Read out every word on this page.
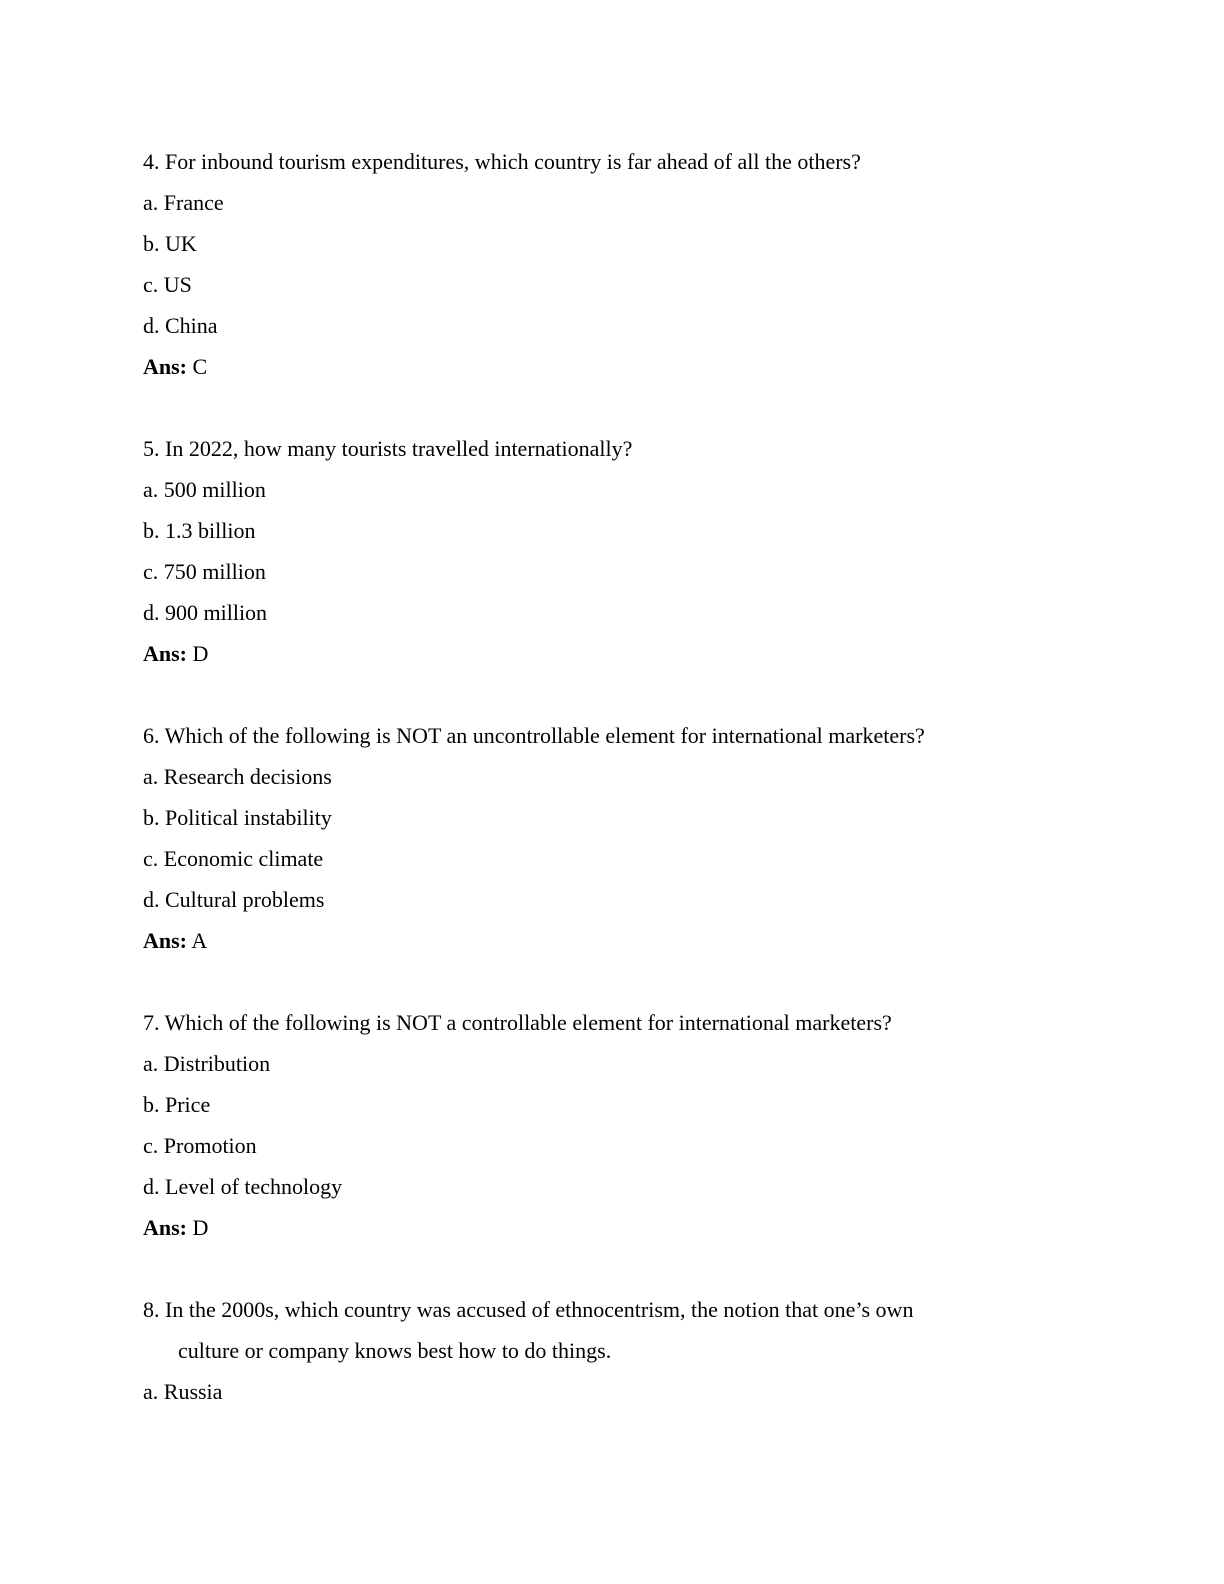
4. For inbound tourism expenditures, which country is far ahead of all the others?
a. France
b. UK
c. US
d. China
Ans: C
5. In 2022, how many tourists travelled internationally?
a. 500 million
b. 1.3 billion
c. 750 million
d. 900 million
Ans: D
6. Which of the following is NOT an uncontrollable element for international marketers?
a. Research decisions
b. Political instability
c. Economic climate
d. Cultural problems
Ans: A
7. Which of the following is NOT a controllable element for international marketers?
a. Distribution
b. Price
c. Promotion
d. Level of technology
Ans: D
8. In the 2000s, which country was accused of ethnocentrism, the notion that one’s own
culture or company knows best how to do things.
a. Russia
